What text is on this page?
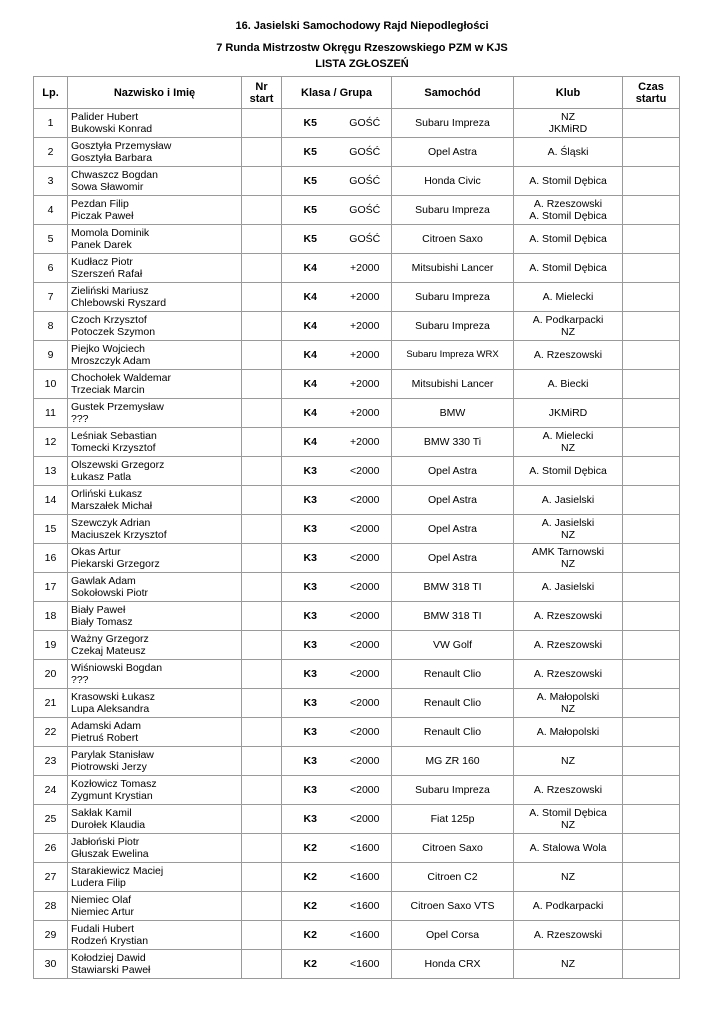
16. Jasielski Samochodowy Rajd Niepodległości
7 Runda Mistrzostw Okręgu Rzeszowskiego PZM w KJS
LISTA ZGŁOSZEŃ
Lp.	Nazwisko i Imię	Nr
start	Klasa / Grupa		Samochód	Klub	Czas
startu
1	Palider Hubert
Bukowski Konrad		K5	GOŚĆ	Subaru Impreza	NZ
JKMiRD	
2	Gosztyła Przemysław
Gosztyła Barbara		K5	GOŚĆ	Opel Astra	A. Śląski	
3	Chwaszcz Bogdan
Sowa Sławomir		K5	GOŚĆ	Honda Civic	A. Stomil Dębica	
4	Pezdan Filip
Piczak Paweł		K5	GOŚĆ	Subaru Impreza	A. Rzeszowski
A. Stomil Dębica	
5	Momola Dominik
Panek Darek		K5	GOŚĆ	Citroen Saxo	A. Stomil Dębica	
6	Kudłacz Piotr
Szerszeń Rafał		K4	+2000	Mitsubishi Lancer	A. Stomil Dębica	
7	Zieliński Mariusz
Chlebowski Ryszard		K4	+2000	Subaru Impreza	A. Mielecki	
8	Czoch Krzysztof
Potoczek Szymon		K4	+2000	Subaru Impreza	A. Podkarpacki
NZ	
9	Piejko Wojciech
Mroszczyk Adam		K4	+2000	Subaru Impreza WRX	A. Rzeszowski	
10	Chochołek Waldemar
Trzeciak Marcin		K4	+2000	Mitsubishi Lancer	A. Biecki	
11	Gustek Przemysław
???		K4	+2000	BMW	JKMiRD	
12	Leśniak Sebastian
Tomecki Krzysztof		K4	+2000	BMW 330 Ti	A. Mielecki
NZ	
13	Olszewski Grzegorz
Łukasz Patla		K3	<2000	Opel Astra	A. Stomil Dębica	
14	Orliński Łukasz
Marszałek Michał		K3	<2000	Opel Astra	A. Jasielski	
15	Szewczyk Adrian
Maciuszek Krzysztof		K3	<2000	Opel Astra	A. Jasielski
NZ	
16	Okas Artur
Piekarski Grzegorz		K3	<2000	Opel Astra	AMK Tarnowski
NZ	
17	Gawlak Adam
Sokołowski Piotr		K3	<2000	BMW 318 TI	A. Jasielski	
18	Biały Paweł
Biały Tomasz		K3	<2000	BMW 318 TI	A. Rzeszowski	
19	Ważny Grzegorz
Czekaj Mateusz		K3	<2000	VW Golf	A. Rzeszowski	
20	Wiśniowski Bogdan
???		K3	<2000	Renault Clio	A. Rzeszowski	
21	Krasowski Łukasz
Lupa Aleksandra		K3	<2000	Renault Clio	A. Małopolski
NZ	
22	Adamski Adam
Pietruś Robert		K3	<2000	Renault Clio	A. Małopolski	
23	Parylak Stanisław
Piotrowski Jerzy		K3	<2000	MG ZR 160	NZ	
24	Kozłowicz Tomasz
Zygmunt Krystian		K3	<2000	Subaru Impreza	A. Rzeszowski	
25	Sakłak Kamil
Durołek Klaudia		K3	<2000	Fiat 125p	A. Stomil Dębica
NZ	
26	Jabłoński Piotr
Głuszak Ewelina		K2	<1600	Citroen Saxo	A. Stalowa Wola	
27	Starakiewicz Maciej
Ludera Filip		K2	<1600	Citroen C2	NZ	
28	Niemiec Olaf
Niemiec Artur		K2	<1600	Citroen Saxo VTS	A. Podkarpacki	
29	Fudali Hubert
Rodzeń Krystian		K2	<1600	Opel Corsa	A. Rzeszowski	
30	Kołodziej Dawid
Stawiarski Paweł		K2	<1600	Honda CRX	NZ	
